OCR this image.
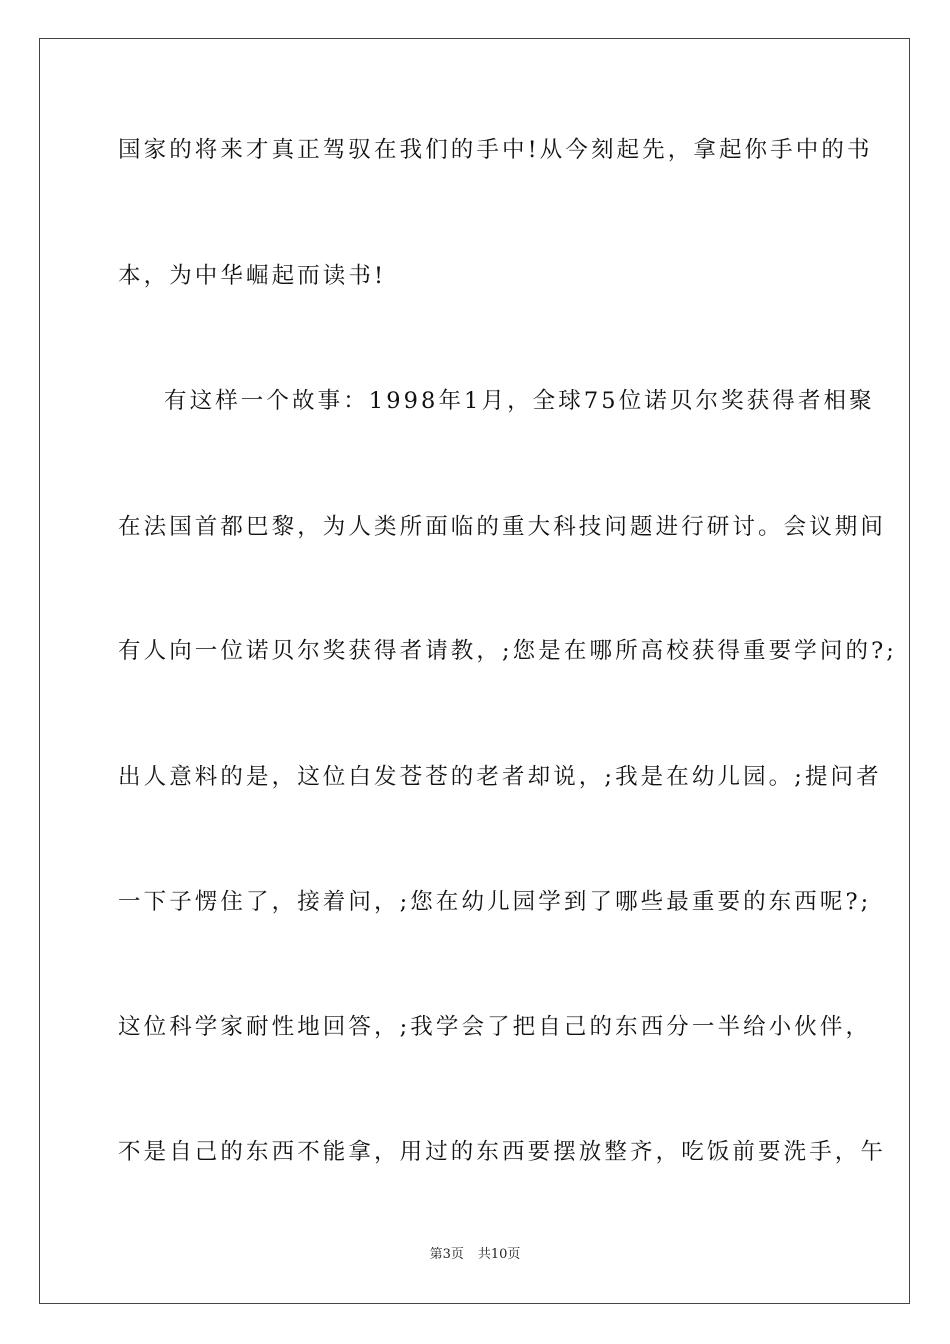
国家的将来才真正驾驭在我们的手中!从今刻起先，拿起你手中的书
本，为中华崛起而读书!
有这样一个故事：1998年1月，全球75位诺贝尔奖获得者相聚
在法国首都巴黎，为人类所面临的重大科技问题进行研讨。会议期间
有人向一位诺贝尔奖获得者请教，;您是在哪所高校获得重要学问的?;
出人意料的是，这位白发苍苍的老者却说，;我是在幼儿园。;提问者
一下子愣住了，接着问，;您在幼儿园学到了哪些最重要的东西呢?;
这位科学家耐性地回答，;我学会了把自己的东西分一半给小伙伴，
不是自己的东西不能拿，用过的东西要摆放整齐，吃饭前要洗手，午
第3页 共10页
